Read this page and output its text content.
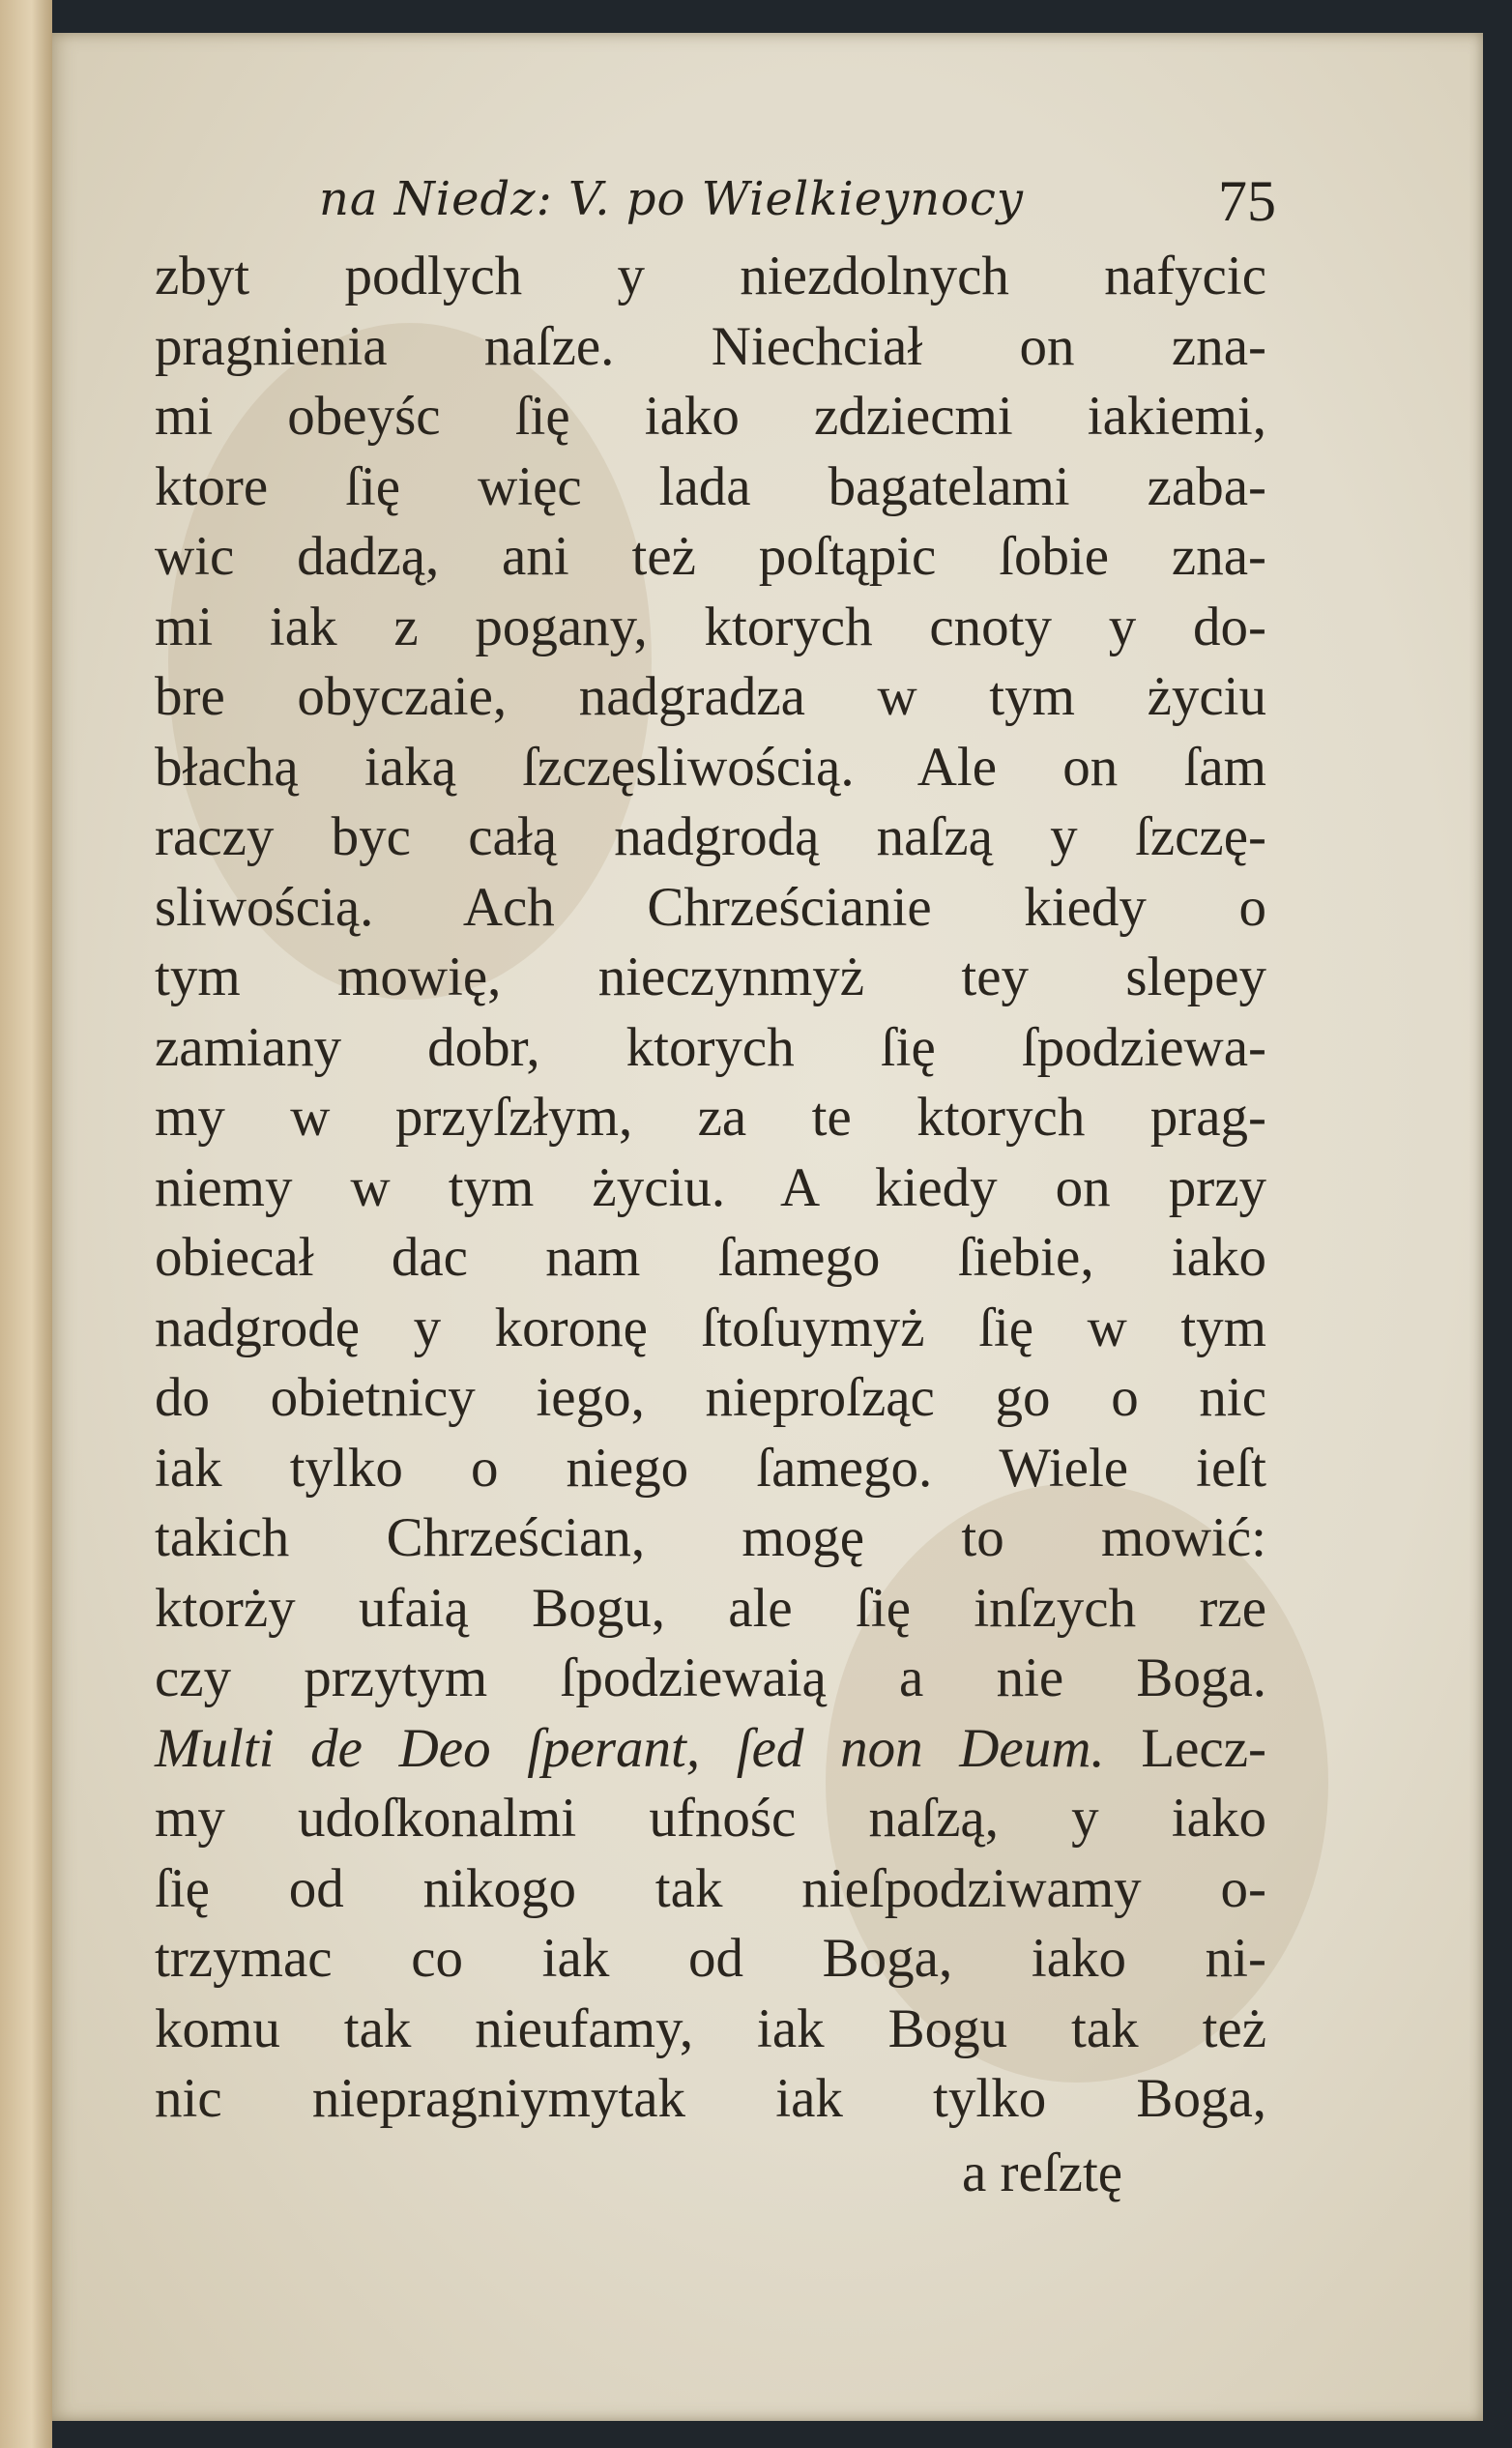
na Niedz: V. po Wielkieynocy	75
zbyt podlych y niezdolnych nafycic
pragnienia naſze. Niechciał on zna-
mi obeyśc ſię iako zdziecmi iakiemi,
ktore ſię więc lada bagatelami zaba-
wic dadzą, ani też poſtąpic ſobie zna-
mi iak z pogany, ktorych cnoty y do-
bre obyczaie, nadgradza w tym życiu
błachą iaką ſzczęsliwością. Ale on ſam
raczy byc całą nadgrodą naſzą y ſzczę-
sliwością. Ach Chrześcianie kiedy o
tym mowię, nieczynmyż tey slepey
zamiany dobr, ktorych ſię ſpodziewa-
my w przyſzłym, za te ktorych prag-
niemy w tym życiu. A kiedy on przy
obiecał dac nam ſamego ſiebie, iako
nadgrodę y koronę ſtoſuymyż ſię w tym
do obietnicy iego, nieproſząc go o nic
iak tylko o niego ſamego. Wiele ieſt
takich Chrześcian, mogę to mowić:
ktorży ufaią Bogu, ale ſię inſzych rze
czy przytym ſpodziewaią a nie Boga.
Multi de Deo ſperant, ſed non Deum. Lecz-
my udoſkonalmi ufnośc naſzą, y iako
ſię od nikogo tak nieſpodziwamy o-
trzymac co iak od Boga, iako ni-
komu tak nieufamy, iak Bogu tak też
nic niepragniymytak iak tylko Boga,
a reſztę
